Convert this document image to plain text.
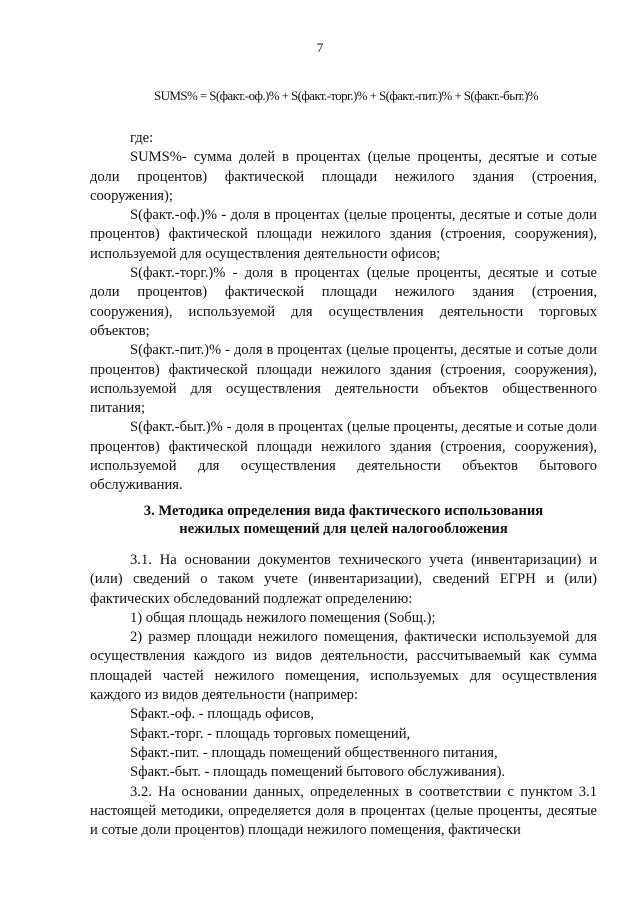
7
SUMS% = S(факт.-оф.)% + S(факт.-торг.)% + S(факт.-пит.)% + S(факт.-быт.)%

где:

SUMS%- сумма долей в процентах (целые проценты, десятые и сотые доли процентов) фактической площади нежилого здания (строения, сооружения);

S(факт.-оф.)% - доля в процентах (целые проценты, десятые и сотые доли процентов) фактической площади нежилого здания (строения, сооружения), используемой для осуществления деятельности офисов;

S(факт.-торг.)% - доля в процентах (целые проценты, десятые и сотые доли процентов) фактической площади нежилого здания (строения, сооружения), используемой для осуществления деятельности торговых объектов;

S(факт.-пит.)% - доля в процентах (целые проценты, десятые и сотые доли процентов) фактической площади нежилого здания (строения, сооружения), используемой для осуществления деятельности объектов общественного питания;

S(факт.-быт.)% - доля в процентах (целые проценты, десятые и сотые доли процентов) фактической площади нежилого здания (строения, сооружения), используемой для осуществления деятельности объектов бытового обслуживания.

3. Методика определения вида фактического использования
нежилых помещений для целей налогообложения

3.1. На основании документов технического учета (инвентаризации) и (или) сведений о таком учете (инвентаризации), сведений ЕГРН и (или) фактических обследований подлежат определению:

1) общая площадь нежилого помещения (Sобщ.);

2) размер площади нежилого помещения, фактически используемой для осуществления каждого из видов деятельности, рассчитываемый как сумма площадей частей нежилого помещения, используемых для осуществления каждого из видов деятельности (например:

Sфакт.-оф. - площадь офисов,

Sфакт.-торг. - площадь торговых помещений,

Sфакт.-пит. - площадь помещений общественного питания,

Sфакт.-быт. - площадь помещений бытового обслуживания).

3.2. На основании данных, определенных в соответствии с пунктом 3.1 настоящей методики, определяется доля в процентах (целые проценты, десятые и сотые доли процентов) площади нежилого помещения, фактически
